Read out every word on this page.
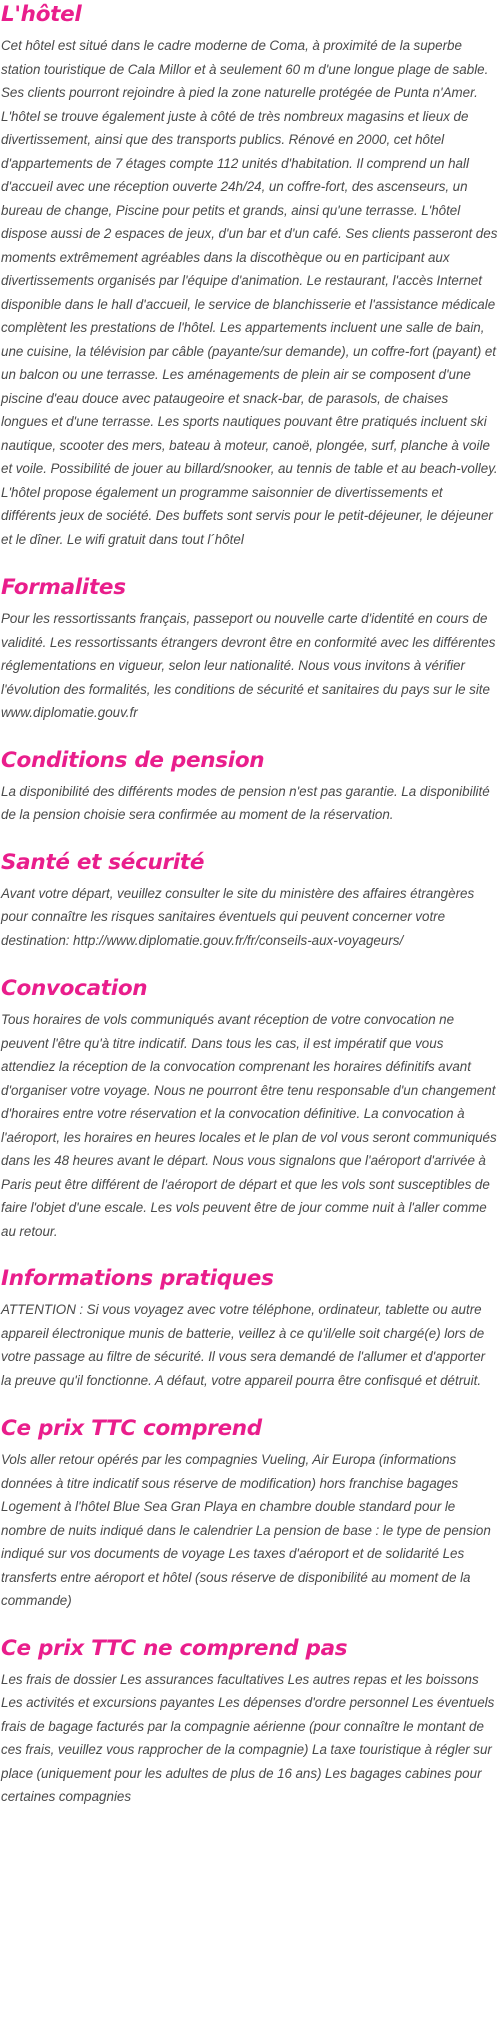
L'hôtel

Cet hôtel est situé dans le cadre moderne de Coma, à proximité de la superbe station touristique de Cala Millor et à seulement 60 m d'une longue plage de sable. Ses clients pourront rejoindre à pied la zone naturelle protégée de Punta n'Amer. L'hôtel se trouve également juste à côté de très nombreux magasins et lieux de divertissement, ainsi que des transports publics. Rénové en 2000, cet hôtel d'appartements de 7 étages compte 112 unités d'habitation. Il comprend un hall d'accueil avec une réception ouverte 24h/24, un coffre-fort, des ascenseurs, un bureau de change, Piscine pour petits et grands, ainsi qu'une terrasse. L'hôtel dispose aussi de 2 espaces de jeux, d'un bar et d'un café. Ses clients passeront des moments extrêmement agréables dans la discothèque ou en participant aux divertissements organisés par l'équipe d'animation. Le restaurant, l'accès Internet disponible dans le hall d'accueil, le service de blanchisserie et l'assistance médicale complètent les prestations de l'hôtel. Les appartements incluent une salle de bain, une cuisine, la télévision par câble (payante/sur demande), un coffre-fort (payant) et un balcon ou une terrasse. Les aménagements de plein air se composent d'une piscine d'eau douce avec pataugeoire et snack-bar, de parasols, de chaises longues et d'une terrasse. Les sports nautiques pouvant être pratiqués incluent ski nautique, scooter des mers, bateau à moteur, canoë, plongée, surf, planche à voile et voile. Possibilité de jouer au billard/snooker, au tennis de table et au beach-volley. L'hôtel propose également un programme saisonnier de divertissements et différents jeux de société. Des buffets sont servis pour le petit-déjeuner, le déjeuner et le dîner. Le wifi gratuit dans tout l´hôtel

Formalites

Pour les ressortissants français, passeport ou nouvelle carte d'identité en cours de validité. Les ressortissants étrangers devront être en conformité avec les différentes réglementations en vigueur, selon leur nationalité. Nous vous invitons à vérifier l'évolution des formalités, les conditions de sécurité et sanitaires du pays sur le site www.diplomatie.gouv.fr

Conditions de pension

La disponibilité des différents modes de pension n'est pas garantie. La disponibilité de la pension choisie sera confirmée au moment de la réservation.

Santé et sécurité

Avant votre départ, veuillez consulter le site du ministère des affaires étrangères pour connaître les risques sanitaires éventuels qui peuvent concerner votre destination: http://www.diplomatie.gouv.fr/fr/conseils-aux-voyageurs/

Convocation

Tous horaires de vols communiqués avant réception de votre convocation ne peuvent l'être qu'à titre indicatif. Dans tous les cas, il est impératif que vous attendiez la réception de la convocation comprenant les horaires définitifs avant d'organiser votre voyage. Nous ne pourront être tenu responsable d'un changement d'horaires entre votre réservation et la convocation définitive. La convocation à l'aéroport, les horaires en heures locales et le plan de vol vous seront communiqués dans les 48 heures avant le départ. Nous vous signalons que l'aéroport d'arrivée à Paris peut être différent de l'aéroport de départ et que les vols sont susceptibles de faire l'objet d'une escale. Les vols peuvent être de jour comme nuit à l'aller comme au retour.

Informations pratiques

ATTENTION : Si vous voyagez avec votre téléphone, ordinateur, tablette ou autre appareil électronique munis de batterie, veillez à ce qu'il/elle soit chargé(e) lors de votre passage au filtre de sécurité. Il vous sera demandé de l'allumer et d'apporter la preuve qu'il fonctionne. A défaut, votre appareil pourra être confisqué et détruit.

Ce prix TTC comprend

Vols aller retour opérés par les compagnies Vueling, Air Europa (informations données à titre indicatif sous réserve de modification) hors franchise bagages Logement à l'hôtel Blue Sea Gran Playa en chambre double standard pour le nombre de nuits indiqué dans le calendrier La pension de base : le type de pension indiqué sur vos documents de voyage Les taxes d'aéroport et de solidarité Les transferts entre aéroport et hôtel (sous réserve de disponibilité au moment de la commande)

Ce prix TTC ne comprend pas

Les frais de dossier Les assurances facultatives Les autres repas et les boissons Les activités et excursions payantes Les dépenses d'ordre personnel Les éventuels frais de bagage facturés par la compagnie aérienne (pour connaître le montant de ces frais, veuillez vous rapprocher de la compagnie) La taxe touristique à régler sur place (uniquement pour les adultes de plus de 16 ans) Les bagages cabines pour certaines compagnies
